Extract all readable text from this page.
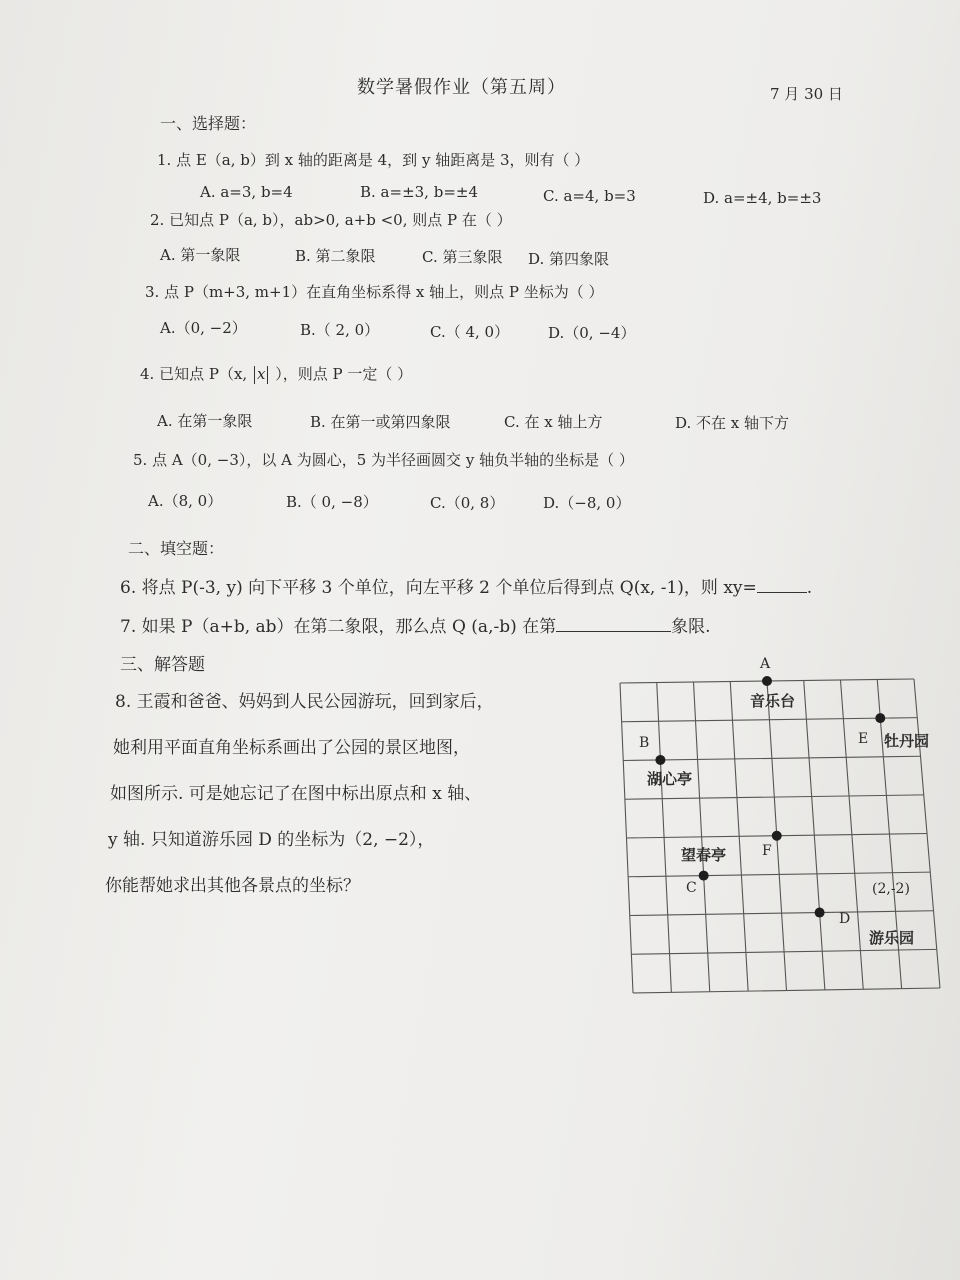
数学暑假作业（第五周）	7 月 30 日
一、选择题：
1. 点 E（a, b）到 x 轴的距离是 4，到 y 轴距离是 3，则有（ ）
A. a=3, b=4	B. a=±3, b=±4	C. a=4, b=3	D. a=±4, b=±3
2. 已知点 P（a, b），ab>0, a+b <0, 则点 P 在（ ）
A. 第一象限	B. 第二象限	C. 第三象限 D. 第四象限
3. 点 P（m+3, m+1）在直角坐标系得 x 轴上，则点 P 坐标为（ ）
A.（0, −2）	B.（ 2, 0）	C.（ 4, 0）	D.（0, −4）
4. 已知点 P（x, x ），则点 P 一定（ ）
A. 在第一象限	B. 在第一或第四象限	C. 在 x 轴上方	D. 不在 x 轴下方
5. 点 A（0, −3），以 A 为圆心，5 为半径画圆交 y 轴负半轴的坐标是（ ）
A.（8, 0）	B.（ 0, −8）	C.（0, 8）	D.（−8, 0）
二、填空题：
6. 将点 P(-3, y) 向下平移 3 个单位，向左平移 2 个单位后得到点 Q(x, -1)，则 xy=	.
7. 如果 P（a+b, ab）在第二象限，那么点 Q (a,-b) 在第	象限.
三、解答题
8. 王霞和爸爸、妈妈到人民公园游玩，回到家后，
她利用平面直角坐标系画出了公园的景区地图，
如图所示. 可是她忘记了在图中标出原点和 x 轴、
y 轴. 只知道游乐园 D 的坐标为（2, −2），
你能帮她求出其他各景点的坐标？
A
音乐台
B
湖心亭
E 牡丹园
F
望春亭
C	(2,-2)
D
游乐园
